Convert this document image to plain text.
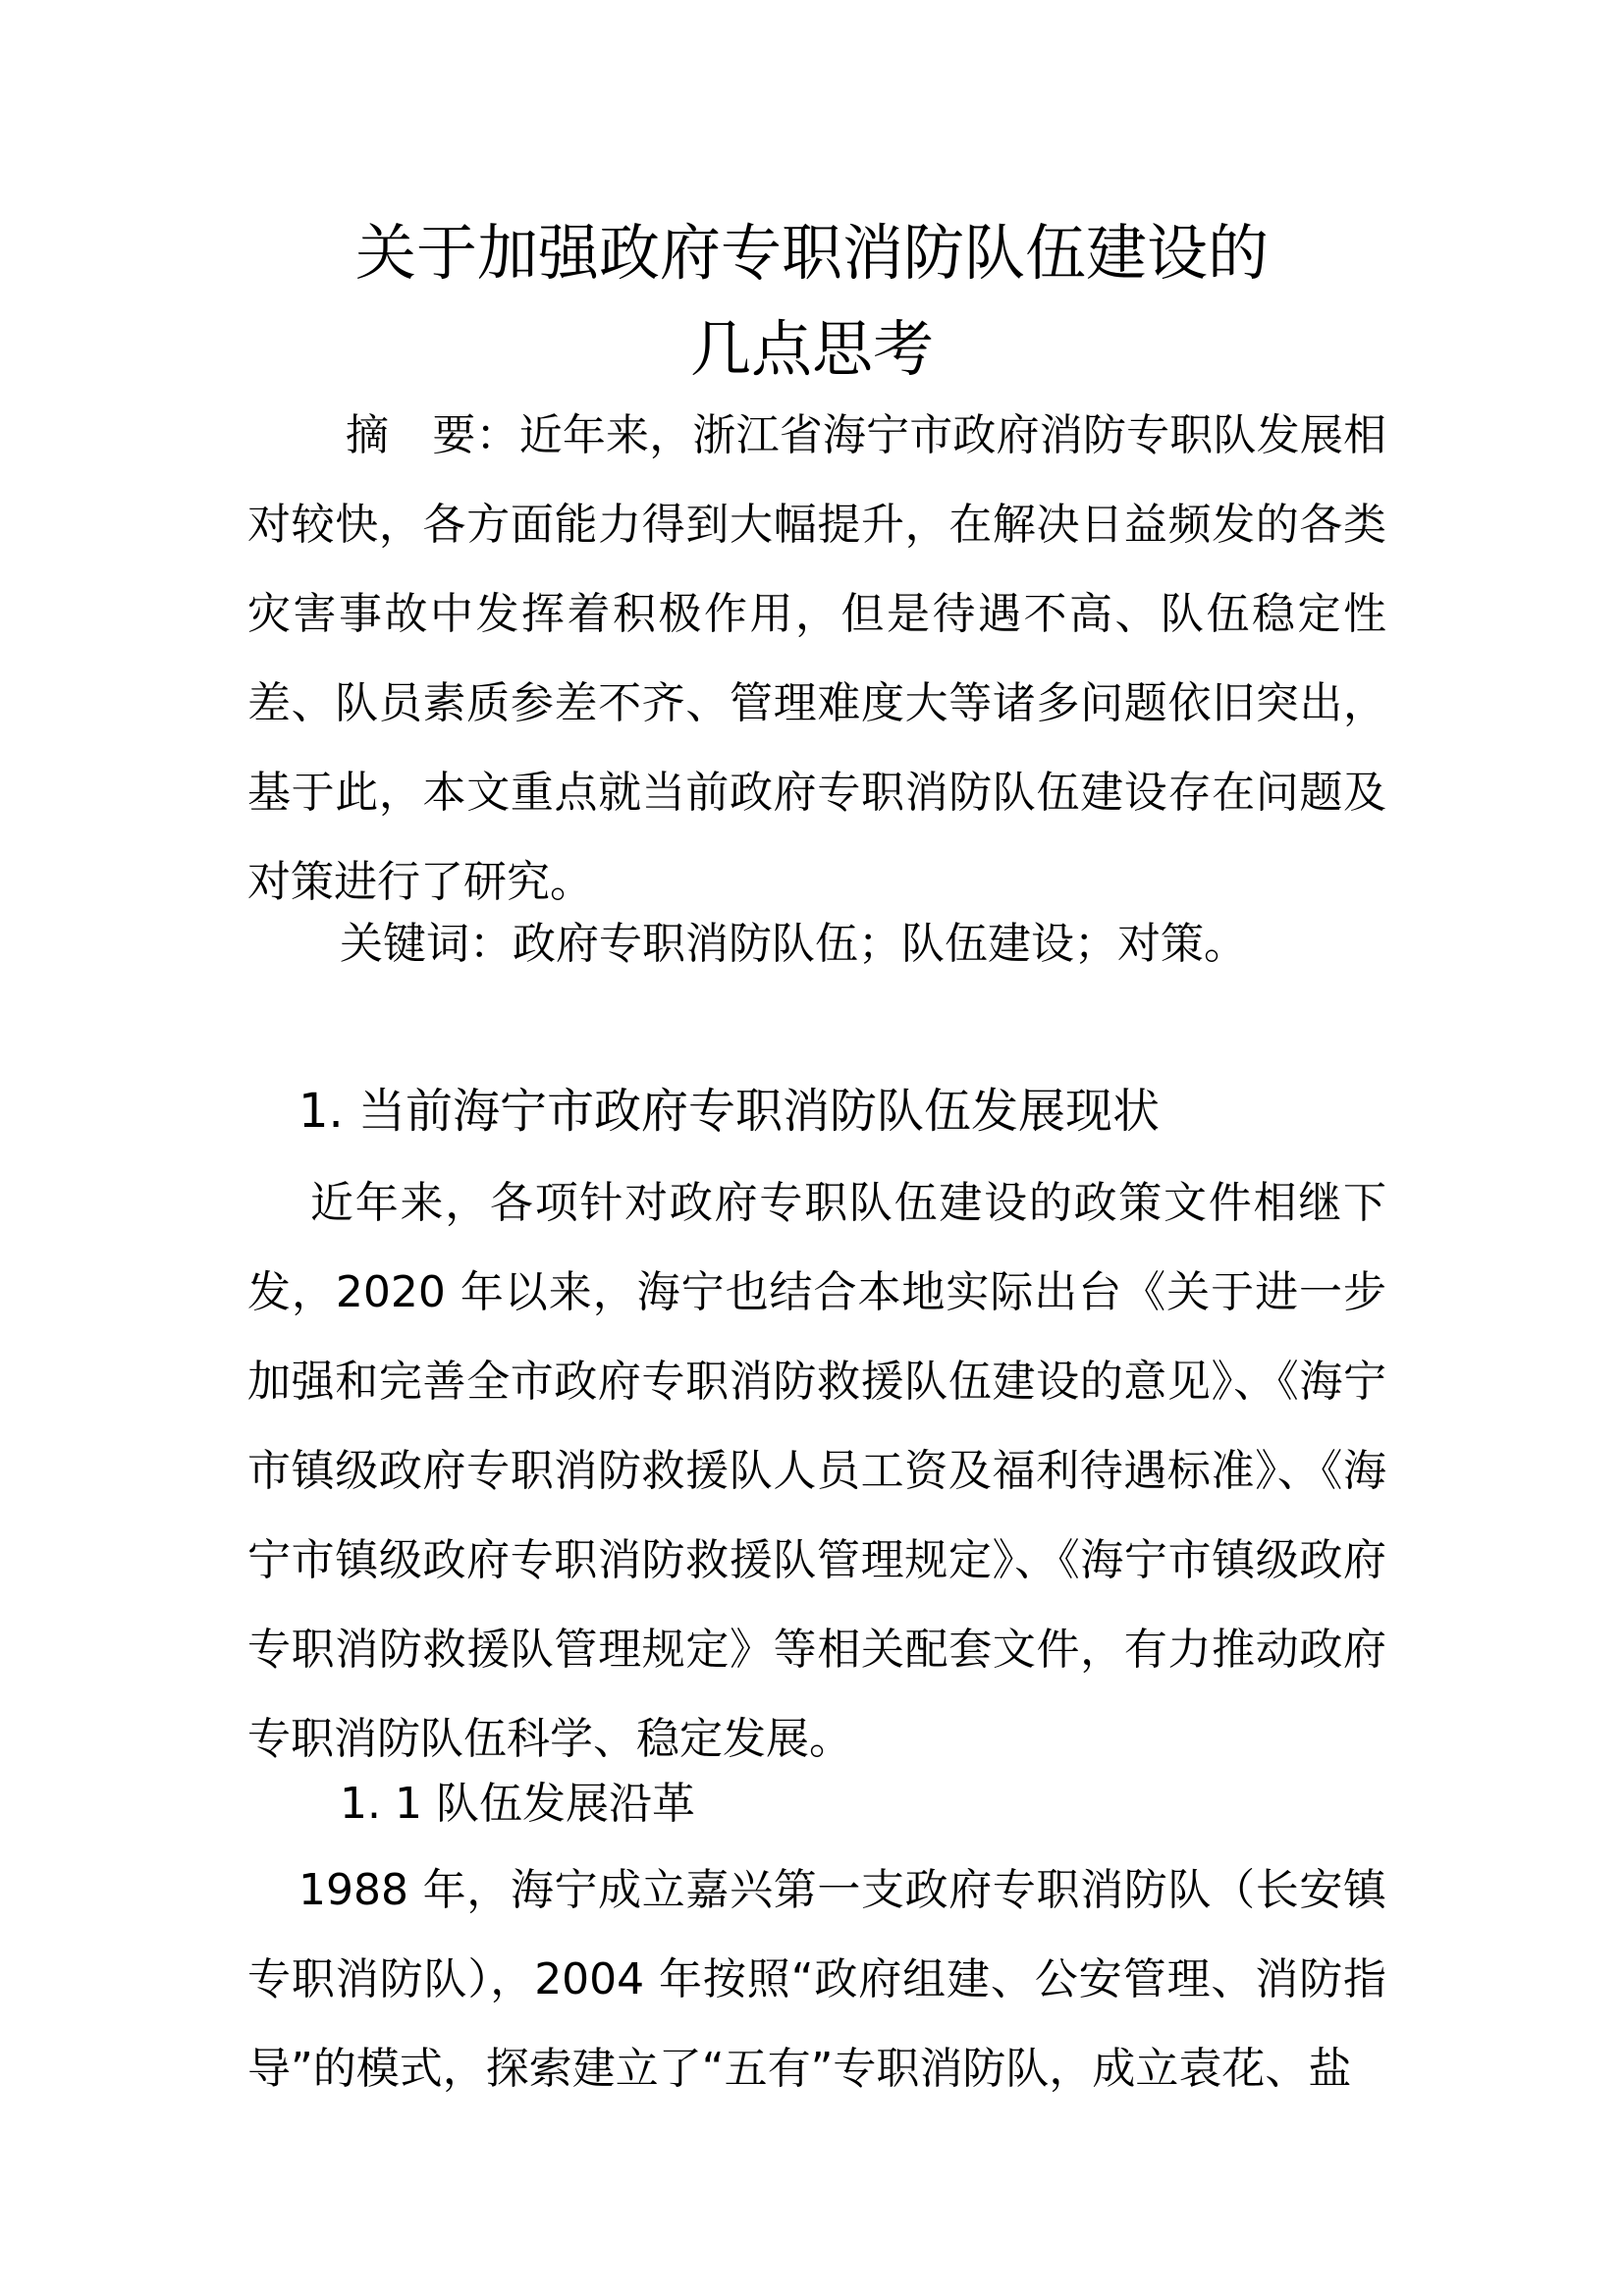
关于加强政府专职消防队伍建设的
几点思考
摘　要：近年来，浙江省海宁市政府消防专职队发展相对较快，各方面能力得到大幅提升，在解决日益频发的各类灾害事故中发挥着积极作用，但是待遇不高、队伍稳定性差、队员素质参差不齐、管理难度大等诸多问题依旧突出，基于此，本文重点就当前政府专职消防队伍建设存在问题及对策进行了研究。
关键词：政府专职消防队伍；队伍建设；对策。
1. 当前海宁市政府专职消防队伍发展现状
近年来，各项针对政府专职队伍建设的政策文件相继下发，2020 年以来，海宁也结合本地实际出台《关于进一步加强和完善全市政府专职消防救援队伍建设的意见》、《海宁市镇级政府专职消防救援队人员工资及福利待遇标准》、《海宁市镇级政府专职消防救援队管理规定》、《海宁市镇级政府专职消防救援队管理规定》等相关配套文件，有力推动政府专职消防队伍科学、稳定发展。
1. 1 队伍发展沿革
1988 年，海宁成立嘉兴第一支政府专职消防队（长安镇专职消防队），2004 年按照“政府组建、公安管理、消防指导”的模式，探索建立了“五有”专职消防队，成立袁花、盐
